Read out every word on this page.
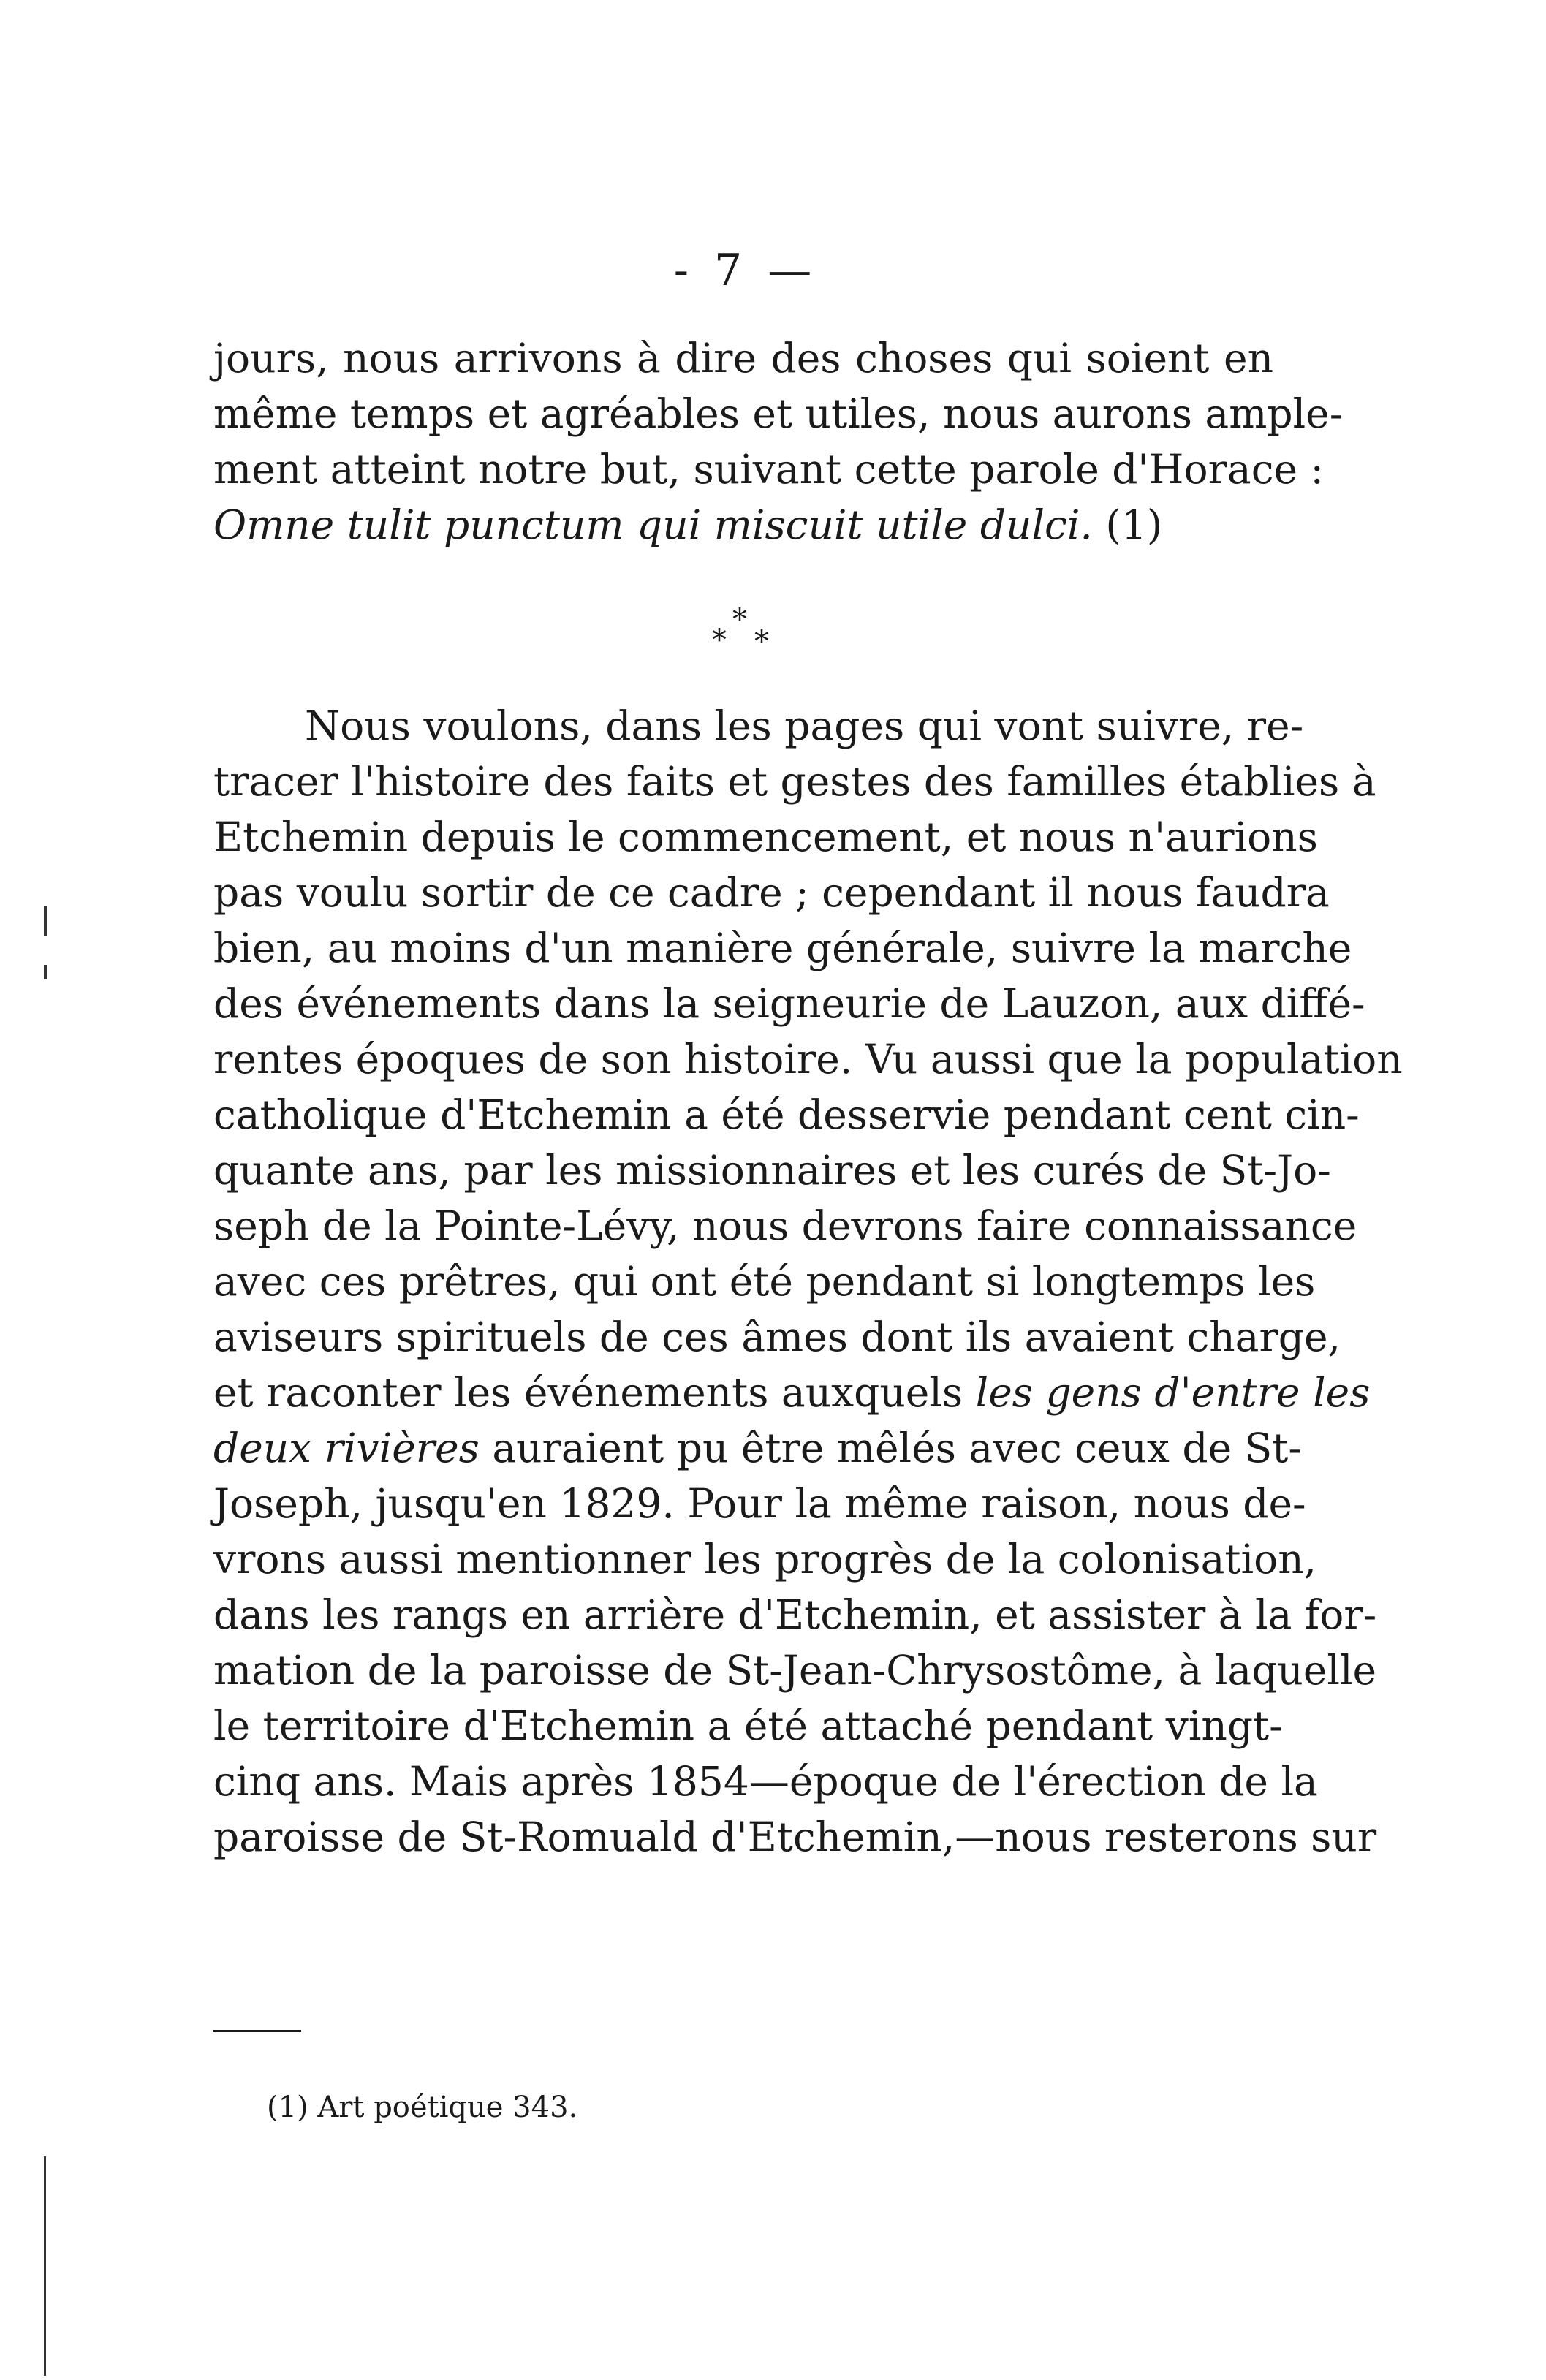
- 7 —
jours, nous arrivons à dire des choses qui soient en
même temps et agréables et utiles, nous aurons ample-
ment atteint notre but, suivant cette parole d'Horace :
Omne tulit punctum qui miscuit utile dulci. (1)
*
* *
Nous voulons, dans les pages qui vont suivre, re-
tracer l'histoire des faits et gestes des familles établies à
Etchemin depuis le commencement, et nous n'aurions
pas voulu sortir de ce cadre ; cependant il nous faudra
bien, au moins d'un manière générale, suivre la marche
des événements dans la seigneurie de Lauzon, aux diffé-
rentes époques de son histoire. Vu aussi que la population
catholique d'Etchemin a été desservie pendant cent cin-
quante ans, par les missionnaires et les curés de St-Jo-
seph de la Pointe-Lévy, nous devrons faire connaissance
avec ces prêtres, qui ont été pendant si longtemps les
aviseurs spirituels de ces âmes dont ils avaient charge,
et raconter les événements auxquels les gens d'entre les
deux rivières auraient pu être mêlés avec ceux de St-
Joseph, jusqu'en 1829. Pour la même raison, nous de-
vrons aussi mentionner les progrès de la colonisation,
dans les rangs en arrière d'Etchemin, et assister à la for-
mation de la paroisse de St-Jean-Chrysostôme, à laquelle
le territoire d'Etchemin a été attaché pendant vingt-
cinq ans. Mais après 1854—époque de l'érection de la
paroisse de St-Romuald d'Etchemin,—nous resterons sur
(1) Art poétique 343.
